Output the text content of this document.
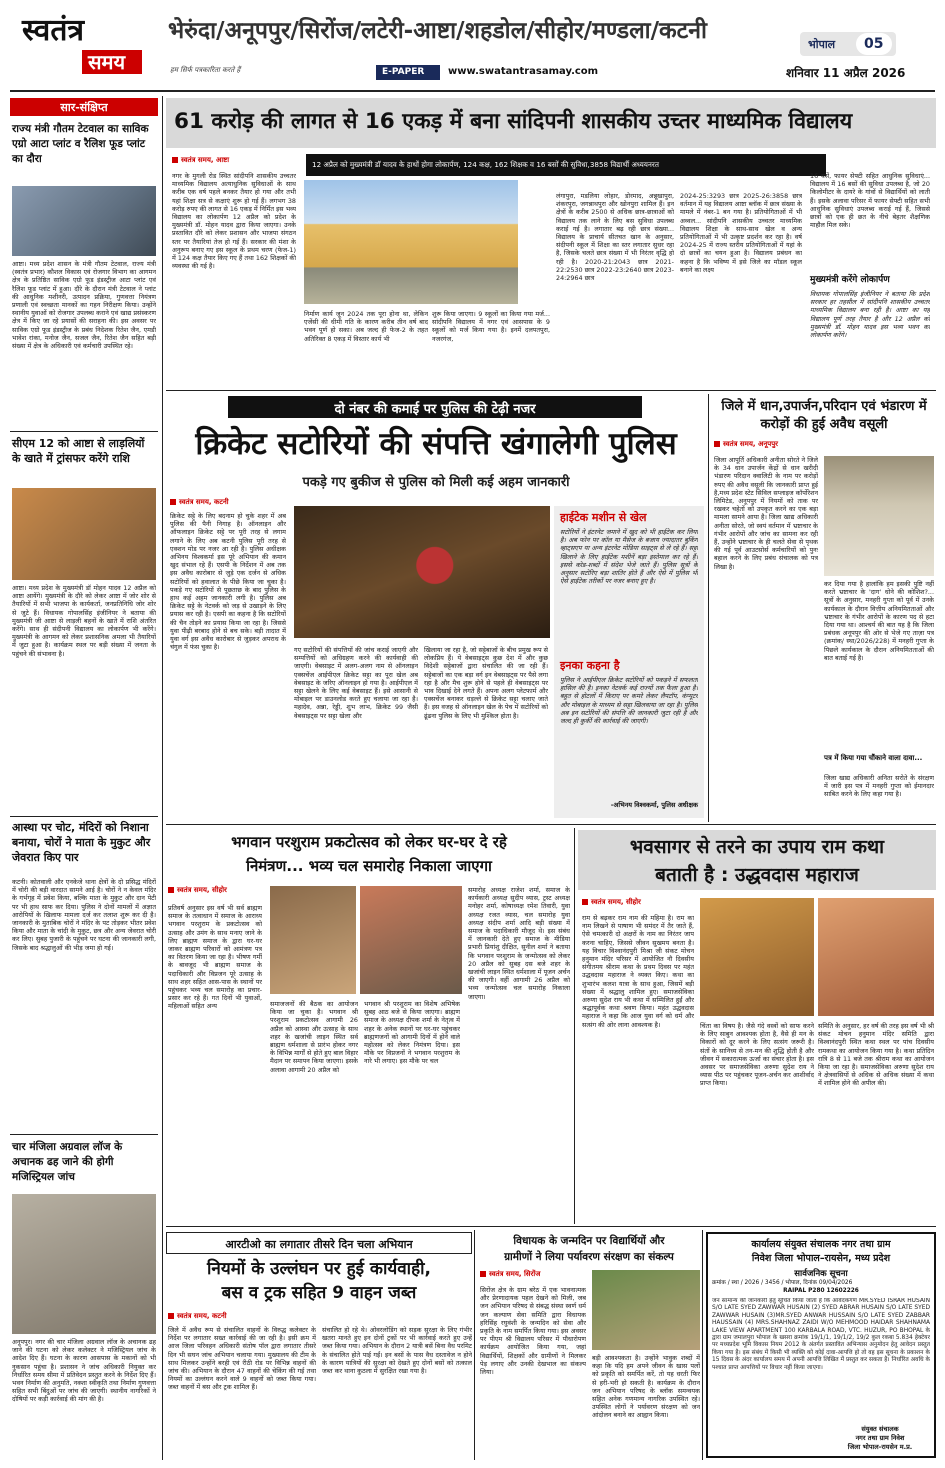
स्वतंत्र
समय	हम सिर्फ पत्रकारिता करते हैं
भेरुंदा/अनूपपुर/सिरोंज/लटेरी-आष्टा/शहडोल/सीहोर/मण्डला/कटनी
भोपाल 05
E-PAPER www.swatantrasamay.com	शनिवार 11 अप्रैल 2026
सार-संक्षिप्त
राज्य मंत्री गौतम टेटवाल का साविक एग्रो आटा प्लांट व रैलिश फूड प्लांट का दौरा
आष्टा। मध्य प्रदेश शासन के मंत्री गौतम टेटवाल, राज्य मंत्री (स्वतंत्र प्रभार) कौशल विकास एवं रोजगार विभाग का आगमन क्षेत्र के प्रतिष्ठित साविक एग्रो फूड इंडस्ट्रीज आटा प्लांट एवं रैलिश फूड प्लांट में हुआ। दौरे के दौरान मंत्री टेटवाल ने प्लांट की आधुनिक मशीनरी, उत्पादन प्रक्रिया, गुणवत्ता नियंत्रण प्रणाली एवं स्वच्छता मानकों का गहन निरीक्षण किया। उन्होंने स्थानीय युवाओं को रोजगार उपलब्ध कराने एवं खाद्य प्रसंस्करण क्षेत्र में किए जा रहे प्रयासों की सराहना की। इस अवसर पर साविक एग्रो फूड इंडस्ट्रीज के प्रबंध निदेशक रितेश जैन, एमडी भावेश रांका, मनोज जैन, सजल जैन, रितेश जैन सहित बड़ी संख्या में क्षेत्र के अधिकारी एवं कर्मचारी उपस्थित रहे।
सीएम 12 को आष्टा से लाड़लियों के खाते में ट्रांसफर करेंगे राशि
आष्टा। मध्य प्रदेश के मुख्यमंत्री डॉ मोहन यादव 12 अप्रैल को आष्टा आयेंगे। मुख्यमंत्री के दौरे को लेकर आष्टा में जोर शोर से तैयारियों में सभी भाजपा के कार्यकर्ता, जनप्रतिनिधि जोर शोर से जुटे हैं। विधायक गोपालसिंह इंजीनियर ने बताया की मुख्यमंत्री जी आष्टा से लाड़ली बहनों के खाते में राशि अंतरित करेंगे। साथ ही संदीपनी विद्यालय का लोकार्पण भी करेंगे। मुख्यमंत्री के आगमन को लेकर प्रशासनिक अमला भी तैयारियों में जुटा हुआ है। कार्यक्रम स्थल पर बड़ी संख्या में जनता के पहुंचने की संभावना है।
आस्था पर चोट, मंदिरों को निशाना बनाया, चोरों ने माता के मुकुट और जेवरात किए पार
कटनी। कोतवाली और एनकेजे थाना क्षेत्रों के दो प्रसिद्ध मंदिरों में चोरी की बड़ी वारदात सामने आई है। चोरों ने न केवल मंदिर के गर्भगृह में प्रवेश किया, बल्कि माता के मुकुट और दान पेटी पर भी हाथ साफ कर दिया। पुलिस ने दोनों मामलों में अज्ञात आरोपियों के खिलाफ मामला दर्ज कर तलाश शुरू कर दी है। जानकारी के मुताबिक चोरों ने मंदिर के पट तोड़कर भीतर प्रवेश किया और माता के चांदी के मुकुट, छत्र और अन्य जेवरात चोरी कर लिए। सुबह पुजारी के पहुंचने पर घटना की जानकारी लगी, जिसके बाद श्रद्धालुओं की भीड़ जमा हो गई।
चार मंजिला अग्रवाल लॉज के अचानक ढह जाने की होगी मजिस्ट्रियल जांच
अनूपपुर। नगर की चार मंजिला अग्रवाल लॉज के अचानक ढह जाने की घटना को लेकर कलेक्टर ने मजिस्ट्रियल जांच के आदेश दिए हैं। घटना के कारण आसपास के मकानों को भी नुकसान पहुंचा है। प्रशासन ने जांच अधिकारी नियुक्त कर निर्धारित समय सीमा में प्रतिवेदन प्रस्तुत करने के निर्देश दिए हैं। भवन निर्माण की अनुमति, नक्शा स्वीकृति तथा निर्माण गुणवत्ता सहित सभी बिंदुओं पर जांच की जाएगी। स्थानीय नागरिकों ने दोषियों पर कड़ी कार्रवाई की मांग की है।
61 करोड़ की लागत से 16 एकड़ में बना सांदिपनी शासकीय उच्तर माध्यमिक विद्यालय
12 अप्रैल को मुख्यमंत्री डॉ यादव के हाथों होगा लोकार्पण, 124 कक्ष, 162 शिक्षक व 16 बसों की सुविधा,3858 विद्यार्थी अध्ययनरत
स्वतंत्र समय, आष्टा
नगर के मुगली रोड स्थित सांदीपनि शासकीय उच्चतर माध्यमिक विद्यालय अत्याधुनिक सुविधाओं के साथ करीब एक वर्ष पहले बनकर तैयार हो गया और तभी यहां शिक्षा सत्र से कक्षाएं शुरू हो गई हैं। लगभग 38 करोड़ रुपए की लागत से 16 एकड़ में निर्मित इस भव्य विद्यालय का लोकार्पण 12 अप्रैल को प्रदेश के मुख्यमंत्री डॉ. मोहन यादव द्वारा किया जाएगा। उनके प्रस्तावित दौरे को लेकर प्रशासन और भाजपा संगठन स्तर पर तैयारियां तेज हो गई हैं। सरकार की मंशा के अनुरूप बनाए गए इस स्कूल के प्रथम चरण (फेज-1) में 124 कक्ष तैयार किए गए हैं तथा 162 शिक्षकों की व्यवस्था की गई है।
निर्माण कार्य जून 2024 तक पूरा होना था, लेकिन एजेंसी की धीमी गति के कारण करीब तीन वर्ष बाद भवन पूर्ण हो सका। अब जल्द ही फेज-2 के तहत अतिरिक्त 8 एकड़ में विस्तार कार्य भी
शुरू किया जाएगा। 9 स्कूलों का किया गया मर्ज... सांदीपनि विद्यालय में नगर एवं आसपास के 9 स्कूलों को मर्ज किया गया है। इनमें दलपतपुरा, नजरगंज,
लंगापुरा, मडलिया लोहार, डोरमाद, अन्नूखापुरा, शंकरपुरा, जगन्नाथपुरा और खोनपुरा शामिल हैं। इन क्षेत्रों के करीब 2500 से अधिक छात्र-छात्राओं को विद्यालय तक लाने के लिए बस सुविधा उपलब्ध कराई गई है। लगातार बढ़ रही छात्र संख्या... विद्यालय के प्राचार्य सीतचत खान के अनुसार, संदीपनी स्कूल में शिक्षा का स्तर लगातार सुधर रहा है, जिसके चलते छात्र संख्या में भी निरंतर वृद्धि हो रही है। 2020-21:2043 छात्र 2021-22:2530 छात्र 2022-23:2640 छात्र 2023-24:2964 छात्र
2024-25:3293 छात्र 2025-26:3858 छात्र वर्तमान में यह विद्यालय आष्टा ब्लॉक में छात्र संख्या के मामले में नंबर-1 बन गया है। प्रतियोगिताओं में भी अव्वल... सांदीपनि शासकीय उच्चतर माध्यमिक विद्यालय शिक्षा के साथ-साथ खेल व अन्य प्रतियोगिताओं में भी उत्कृष्ट प्रदर्शन कर रहा है। वर्ष 2024-25 में राज्य स्तरीय प्रतियोगिताओं में यहां के दो छात्रों का चयन हुआ है। विद्यालय प्रबंधन का कहना है कि भविष्य में इसे जिले का मॉडल स्कूल बनाने का लक्ष्य
16 बसें, फायर सेफ्टी सहित आधुनिक सुविधाएं... विद्यालय में 16 बसों की सुविधा उपलब्ध है, जो 20 किलोमीटर के दायरे के गांवों से विद्यार्थियों को लाती हैं। इसके अलावा परिसर में फायर सेफ्टी सहित सभी आधुनिक सुविधाएं उपलब्ध कराई गई हैं, जिससे छात्रों को एक ही छत के नीचे बेहतर शैक्षणिक माहौल मिल सके।
मुख्यमंत्री करेंगे लोकार्पण
विधायक गोपालसिंह इंजीनियर ने बताया कि प्रदेश सरकार हर तहसील में सांदीपनि शासकीय उच्चतर माध्यमिक विद्यालय बना रही है। आष्टा का यह विद्यालय पूर्ण तरह तैयार है और 12 अप्रैल को मुख्यमंत्री डॉ. मोहन यादव इस भव्य भवन का लोकार्पण करेंगे।
दो नंबर की कमाई पर पुलिस की टेढ़ी नजर
क्रिकेट सटोरियों की संपत्ति खंगालेगी पुलिस
पकड़े गए बुकीज से पुलिस को मिली कई अहम जानकारी
स्वतंत्र समय, कटनी
क्रिकेट सट्टे के लिए बदनाम हो चुके शहर में अब पुलिस की पैनी निगाह है। ऑनलाइन और ऑफलाइन क्रिकेट सट्टे पर पूरी तरह से लगाम लगाने के लिए अब कटनी पुलिस पूरी तरह से एक्शन मोड पर नजर आ रही है। पुलिस अधीक्षक अभिनय विश्वकर्मा इस पूरे अभियान की कमान खुद संभाल रहे हैं। एसपी के निर्देशन में अब तक इस अवैध कारोबार से जुड़े एक दर्जन से अधिक सटोरियों को हवालात के पीछे किया जा चुका है। पकड़े गए सटोरियों से पूछताछ के बाद पुलिस के हाथ कई अहम जानकारी लगी है। पुलिस अब क्रिकेट सट्टे के नेटवर्क को जड़ से उखाड़ने के लिए प्रयास कर रही है। एसपी का कहना है कि सटोरियों की चैन तोड़ने का प्रयास किया जा रहा है। जिससे युवा पीढ़ी बरबाद होने से बच सके। बड़ी तादात में युवा वर्ग इस अवैध कारोबार से जुड़कर अपराध के चंगुल में फंस चुका है।	गए सटोरियों की संपत्तियों की जांच कराई जाएगी और सम्पत्तियों को अधिग्रहण करने की कार्यवाही की जाएगी। वेबसाइट में अलग-अलग नाम से ऑनलाइन एक्सचेंज आईपीएल क्रिकेट सट्टा का पूरा खेल अब वेबसाइट के जरिए ऑनलाइन हो गया है। आईपीएल में सट्टा खेलने के लिए कई वेबसाइट हैं। इसे आसानी से मोबाइल पर डाउनलोड करते हुए चलाया जा रहा है। महादेव, अन्ना, रेड्डी, शुभ लाभ, क्रिकेट 99 जैसी वेबसाइट्स पर सट्टा खेला और
खिलाया जा रहा है, जो सट्टेबाजों के बीच प्रमुख रूप से लोकप्रिय हैं। ये वेबसाइट्स कुछ देश में और कुछ विदेशी सट्टेबाजों द्वारा संचालित की जा रही हैं। सट्टेबाजों का एक बड़ा वर्ग इन वेबसाइट्स पर पैसे लगा रहा है और मैच शुरू होने से पहले ही वेबसाइट्स पर भाव दिखाई देने लगते हैं। अपना अलग प्लेटफार्म और एक्सचेंज बनाकर धड़ल्ले से क्रिकेट सट्टा चलाए जाते हैं। इस वजह से ऑनलाइन खेल के पेच में सटोरियों को ढूंढना पुलिस के लिए भी मुश्किल होता है।
हाईटेक मशीन से खेल
सटोरियों ने इंटरनेट जमाने में खुद को भी हाईटेक कर लिया है। अब फोन पर कॉल या मैसेज के बजाय ज्यादातर बुकिंग व्हाट्सएप या अन्य इंटरनेट मोडिया साइट्स से ले रहे हैं। सट्टा खिलाने के लिए हाईटेक मशीनें बड़ा इस्तेमाल कर रहे हैं। इससे कोड-शब्दों में संदेश भेजे जाते हैं। पुलिस सूत्रों के अनुसार सटोरिए बड़ा शातिर होते हैं और ऐसे में पुलिस भी ऐसे हाईटेक तरीकों पर नजर बनाए हुए है।
इनका कहना है
पुलिस ने आईपीएल क्रिकेट सटोरियों को पकड़ने में सफलता हासिल की है। इनका नेटवर्क कई राज्यों तक फैला हुआ है। बहुत से होटलों में किराए पर कमरे लेकर लैपटॉप, कंप्यूटर और मोबाइल के माध्यम से सट्टा खिलवाया जा रहा है। पुलिस अब इन सटोरियों की संपत्ति की जानकारी जुटा रही है और जल्द ही कुर्की की कार्रवाई की जाएगी।
-अभिनय विश्वकर्मा, पुलिस अधीक्षक
जिले में धान,उपार्जन,परिदान एवं भंडारण में करोड़ों की हुई अवैध वसूली
स्वतंत्र समय, अनूपपुर
जिला आपूर्ति अधिकारी अनीता सोरते ने जिले के 34 धान उपार्जन केंद्रों से धान खरीदी भंडारण परिदान क्वालिटी के नाम पर करोड़ों रुपए की अवैध वसूली कि जानकारी प्राप्त हुई है,मध्य प्रदेश स्टेट सिविल सप्लाइज कॉर्पोरेशन लिमिटेड, अनूपपुर में नियमों को ताक पर रखकर चहेतों को उपकृत करने का एक बड़ा मामला सामने आया है। जिला खाद्य अधिकारी अनीता सोरते, जो स्वयं वर्तमान में भ्रष्टाचार के गंभीर आरोपों और जांच का सामना कर रही हैं, उन्होंने भ्रष्टाचार के ही चलते सेवा से पृथक की गई पूर्व आउटसोर्स कर्मचारियों को पुनः बहाल करने के लिए प्रबंध संचालक को पत्र लिखा है।
कर दिया गया है हालांकि हम इसकी पुष्टि नहीं करते भ्रष्टाचार के 'दाग' धोने की कोशिश?... सूत्रों के अनुसार, मनहरी गुप्ता को पूर्व में उनके कार्यकाल के दौरान वित्तीय अनियमितताओं और भ्रष्टाचार के गंभीर आरोपों के कारण पद से हटा दिया गया था। आश्चर्य की बात यह है कि जिला प्रबंधक अनूपपुर की ओर से भेजे गए ताज़ा पत्र (क्रमांक/ स्था/2026/228) में मनहरी गुप्ता के पिछले कार्यकाल के दौरान अनियमितताओं की बात बताई गई है।
पत्र में किया गया चौंकाने वाला दावा...
जिला खाद्य अधिकारी अनिता सरोते के संरक्षण में जारी इस पत्र में मनहरी गुप्ता को ईमानदार साबित करने के लिए कहा गया है।
भगवान परशुराम प्रकटोत्सव को लेकर घर-घर दे रहे
निमंत्रण... भव्य चल समारोह निकाला जाएगा
स्वतंत्र समय, सीहोर
प्रतिवर्ष अनुसार इस वर्ष भी सर्व ब्राह्मण समाज के तत्वाधान में समाज के आराध्य भगवान परशुराम के प्रकटोत्सव को उत्साह और उमंग के साथ मनाए जाने के लिए ब्राह्मण समाज के द्वारा घर-घर जाकर ब्राह्मण परिवारों को आमंत्रण पत्र का वितरण किया जा रहा है। भीषण गर्मी के बावजूद भी ब्राह्मण समाज के पदाधिकारी और विप्रजन पूरे उत्साह के साथ शहर सहित आस-पास के स्थानों पर पहुंचकर भव्य चल समारोह का प्रचार-प्रसार कर रहे हैं। गत दिनों भी युवाओं, महिलाओं सहित अन्य	समाजजनों की बैठक का आयोजन किया जा चुका है। भगवान श्री परशुराम प्रकटोत्सव आगामी 26 अप्रैल को आस्था और उत्साह के साथ शहर के खजांची लाइन स्थित सर्व ब्राह्मण धर्मशाला से प्रारंभ होकर नगर के विभिन्न मार्गों से होते हुए बाल विहार मैदान पर समापन किया जाएगा। इसके अलावा आगामी 20 अप्रैल को
भगवान श्री परशुराम का विशेष अभिषेक सुबह आठ बजे से किया जाएगा। ब्राह्मण समाज के अध्यक्ष दीपक शर्मा के नेतृत्व में शहर के अनेक स्थानों पर घर-घर पहुंचकर ब्राह्मणजनों को आगामी दिनों में होने वाले महोत्सव को लेकर निमंत्रण दिया। इस मौके पर विप्रजनों ने भगवान परशुराम के नारे भी लगाए। इस मौके पर चल
समारोह अध्यक्ष राजेश शर्मा, समाज के कार्यकारी अध्यक्ष सुदीप व्यास, ट्रस्ट अध्यक्ष मनोहर शर्मा, कोषाध्यक्ष रमेश तिवारी, युवा अध्यक्ष रजत व्यास, चल समारोह युवा अध्यक्ष संदीप शर्मा आदि बड़ी संख्या में समाज के पदाधिकारी मौजूद थे। इस संबंध में जानकारी देते हुए समाज के मीडिया प्रभारी प्रियांशु दीक्षित, सुनील शर्मा ने बताया कि भगवान परशुराम के जन्मोत्सव को लेकर 20 अप्रैल को सुबह दस बजे शहर के खजांची लाइन स्थित धर्मशाला में पूजन अर्चन की जाएगी। वहीं आगामी 26 अप्रैल को भव्य जन्मोत्सव चल समारोह निकाला जाएगा।
भवसागर से तरने का उपाय राम कथा
बताती है : उद्धवदास महाराज
स्वतंत्र समय, सीहोर
राम से बढ़कर राम नाम की महिमा है। राम का नाम लिखने से पाषाण भी समंदर में तैर जाते हैं, ऐसे चमत्कारी दो अक्षरों के नाम का निरंतर जाप करना चाहिए, जिससे जीवन सुखमय बनता है। यह विचार विश्वानंदपुरी मिश्रा जी संकट मोचन हनुमान मंदिर परिसर में आयोजित नौ दिवसीय संगीतमय श्रीराम कथा के प्रथम दिवस पर महंत उद्धवदास महाराज ने व्यक्त किए। कथा का शुभारंभ कलश यात्रा के साथ हुआ, जिसमें बड़ी संख्या में श्रद्धालु शामिल हुए। समाजसेविका अरुणा सुदेश राय भी कथा में सम्मिलित हुईं और श्रद्धापूर्वक कथा श्रवण किया। महंत उद्धवदास महाराज ने कहा कि आज युवा वर्ग को धर्म और सत्संग की ओर लाना आवश्यक है।	चिंता का विषय है। जैसे गंदे वस्त्रों को साफ करने के लिए साबुन आवश्यक होता है, वैसे ही मन के विकारों को दूर करने के लिए सत्संग जरूरी है। संतों के सानिध्य से तन-मन की शुद्धि होती है और जीवन में सकारात्मक ऊर्जा का संचार होता है। इस अवसर पर समाजसेविका अरुणा सुदेश राय ने व्यास पीठ पर पहुंचकर पूजन-अर्चन कर आशीर्वाद प्राप्त किया।
समिति के अनुसार, हर वर्ष की तरह इस वर्ष भी श्री संकट मोचन हनुमान मंदिर समिति द्वारा विश्वानंदपुरी स्थित कथा स्थल पर पांच दिवसीय रामकथा का आयोजन किया गया है। कथा प्रतिदिन रात्रि 8 से 11 बजे तक श्रीराम कथा का आयोजन किया जा रहा है। समाजसेविका अरुणा सुदेश राय ने क्षेत्रवासियों से अधिक से अधिक संख्या में कथा में शामिल होने की अपील की।
आरटीओ का लगातार तीसरे दिन चला अभियान
नियमों के उल्लंघन पर हुई कार्यवाही,
बस व ट्रक सहित 9 वाहन जब्त
स्वतंत्र समय, कटनी
जिले में अवैध रूप से संचालित वाहनों के विरुद्ध कलेक्टर के निर्देश पर लगातार सख्त कार्रवाई की जा रही है। इसी क्रम में आज जिला परिवहन अधिकारी संतोष पॉल द्वारा लगातार तीसरे दिन भी सघन जांच अभियान चलाया गया। मुख्यालय की टीम के साथ मिलकर उन्होंने बरही एवं रीठी रोड पर विभिन्न वाहनों की जांच की। अभियान के दौरान 47 वाहनों की चेकिंग की गई तथा नियमों का उल्लंघन करने वाले 9 वाहनों को जब्त किया गया। जब्त वाहनों में बस और ट्रक शामिल हैं।
संचालित हो रहे थे। ओवरलोडिंग को सड़क सुरक्षा के लिए गंभीर खतरा मानते हुए इन दोनों ट्रकों पर भी कार्रवाई करते हुए उन्हें जब्त किया गया। अभियान के दौरान 2 यात्री बसें बिना वैध परमिट के संचालित होते पाई गईं। इन बसों के पास वैध दस्तावेज न होने के कारण यात्रियों की सुरक्षा को देखते हुए दोनों बसों को तत्काल जब्त कर थाना कुठला में सुरक्षित रखा गया है।
विधायक के जन्मदिन पर विद्यार्थियों और
ग्रामीणों ने लिया पर्यावरण संरक्षण का संकल्प
स्वतंत्र समय, सिरोंज
सिरोंज क्षेत्र के ग्राम बरेठ में एक भावनात्मक और प्रेरणादायक पहल देखने को मिली, जब जन अभियान परिषद से संबद्ध संस्था स्वर्ण धर्म जन कल्याण सेवा समिति द्वारा विधायक हरिसिंह रघुवंशी के जन्मदिन को सेवा और प्रकृति के नाम समर्पित किया गया। इस अवसर पर पीएम श्री विद्यालय परिसर में पौधारोपण कार्यक्रम आयोजित किया गया, जहां विद्यार्थियों, शिक्षकों और ग्रामीणों ने मिलकर पेड़ लगाए और उनकी देखभाल का संकल्प लिया।
बड़ी आवश्यकता है। उन्होंने भावुक शब्दों में कहा कि यदि हम अपने जीवन के खास पलों को प्रकृति को समर्पित करें, तो यह धरती फिर से हरी-भरी हो सकती है। कार्यक्रम के दौरान जन अभियान परिषद के ब्लॉक समन्वयक सहित अनेक गणमान्य नागरिक उपस्थित रहे। उपस्थित लोगों ने पर्यावरण संरक्षण को जन आंदोलन बनाने का आह्वान किया।
कार्यालय संयुक्त संचालक नगर तथा ग्राम
निवेश जिला भोपाल–रायसेन, मध्य प्रदेश
सार्वजनिक सूचना
क्रमांक / स्था / 2026 / 3456 / भोपाल, दिनांक 09/04/2026
RAIPAL P280 12602226
जन सामान्य की जानकारी हेतु सूचित किया जाता है कि आवेदकगण MR.SYED ISRAR HUSAIN S/O LATE SYED ZAWWAR HUSAIN (2) SYED ABRAR HUSAIN S/O LATE SYED ZAWWAR HUSAIN (3)MR.SYED ANWAR HUSSAIN S/O LATE SYED ZABBAR HAUSSAIN (4) MRS.SHAHNAZ ZAIDI W/O MEHMOOD HAIDAR SHAHNAMA LAKE VIEW APARTMENT 100 KARBALA ROAD, VTC. HUZUR, PO BHOPAL के द्वारा ग्राम जमालपुरा भोपाल के खसरा क्रमांक 19/1/1, 19/1/2, 19/2 कुल रकबा 5.834 हेक्टेयर पर मध्यप्रदेश भूमि विकास नियम 2012 के अंतर्गत प्रस्तावित अभिन्यास अनुमोदन हेतु आवेदन प्रस्तुत किया गया है। इस संबंध में किसी भी व्यक्ति को कोई दावा-आपत्ति हो तो वह इस सूचना के प्रकाशन के 15 दिवस के अंदर कार्यालय समय में अपनी आपत्ति लिखित में प्रस्तुत कर सकता है। निर्धारित अवधि के पश्चात प्राप्त आपत्तियों पर विचार नहीं किया जाएगा।
संयुक्त संचालक
नगर तथा ग्राम निवेश
जिला भोपाल-रायसेन म.प्र.
